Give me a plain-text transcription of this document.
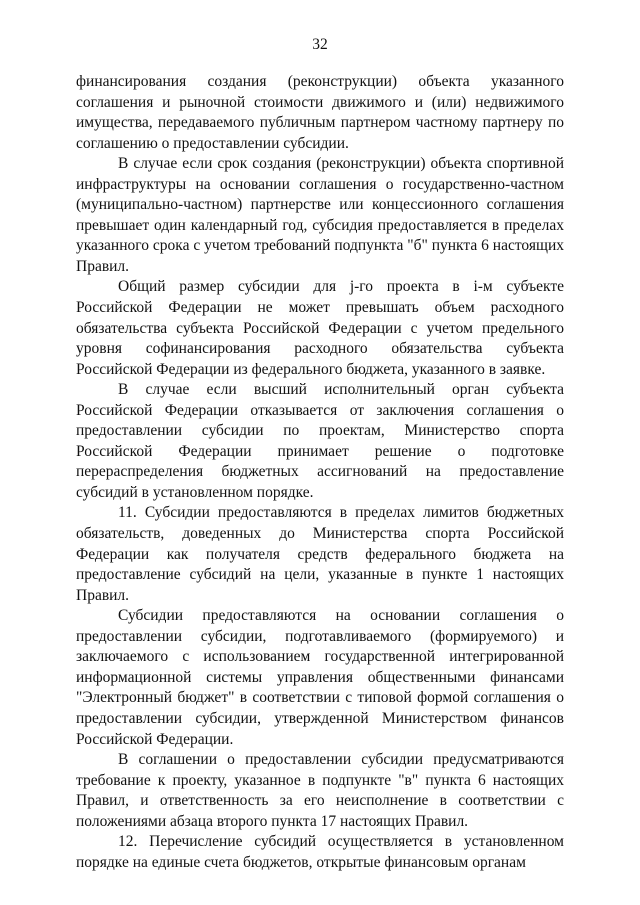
32

финансирования создания (реконструкции) объекта указанного соглашения и рыночной стоимости движимого и (или) недвижимого имущества, передаваемого публичным партнером частному партнеру по соглашению о предоставлении субсидии.

В случае если срок создания (реконструкции) объекта спортивной инфраструктуры на основании соглашения о государственно-частном (муниципально-частном) партнерстве или концессионного соглашения превышает один календарный год, субсидия предоставляется в пределах указанного срока с учетом требований подпункта "б" пункта 6 настоящих Правил.

Общий размер субсидии для j-го проекта в i-м субъекте Российской Федерации не может превышать объем расходного обязательства субъекта Российской Федерации с учетом предельного уровня софинансирования расходного обязательства субъекта Российской Федерации из федерального бюджета, указанного в заявке.

В случае если высший исполнительный орган субъекта Российской Федерации отказывается от заключения соглашения о предоставлении субсидии по проектам, Министерство спорта Российской Федерации принимает решение о подготовке перераспределения бюджетных ассигнований на предоставление субсидий в установленном порядке.

11. Субсидии предоставляются в пределах лимитов бюджетных обязательств, доведенных до Министерства спорта Российской Федерации как получателя средств федерального бюджета на предоставление субсидий на цели, указанные в пункте 1 настоящих Правил.

Субсидии предоставляются на основании соглашения о предоставлении субсидии, подготавливаемого (формируемого) и заключаемого с использованием государственной интегрированной информационной системы управления общественными финансами "Электронный бюджет" в соответствии с типовой формой соглашения о предоставлении субсидии, утвержденной Министерством финансов Российской Федерации.

В соглашении о предоставлении субсидии предусматриваются требование к проекту, указанное в подпункте "в" пункта 6 настоящих Правил, и ответственность за его неисполнение в соответствии с положениями абзаца второго пункта 17 настоящих Правил.

12. Перечисление субсидий осуществляется в установленном порядке на единые счета бюджетов, открытые финансовым органам
